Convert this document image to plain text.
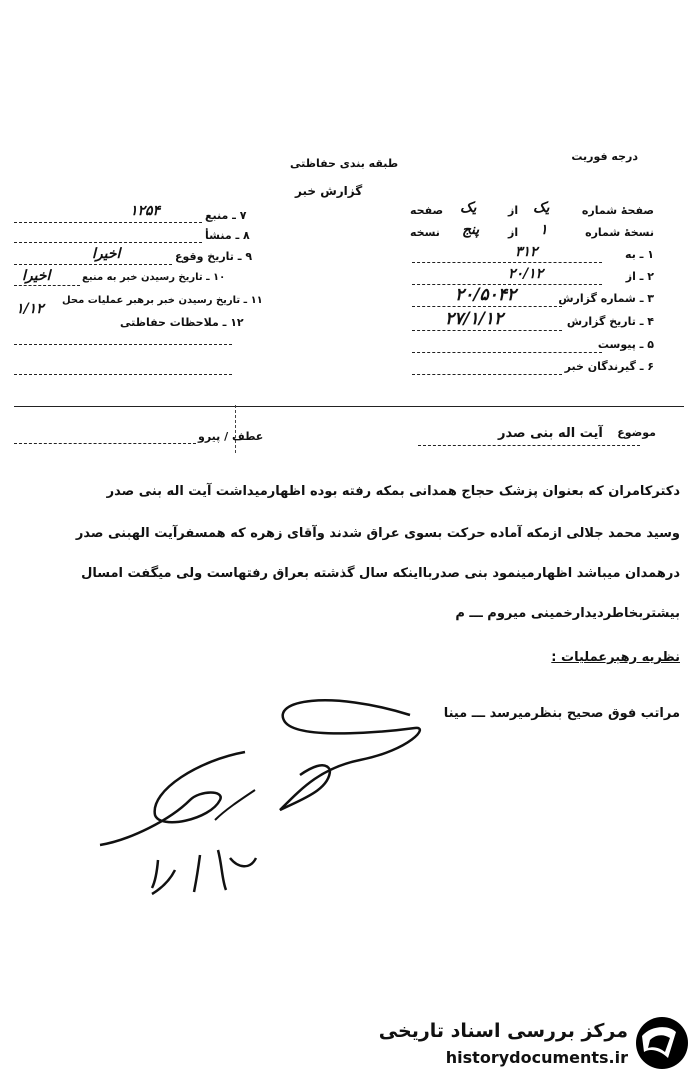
درجه فوریت
طبقه بندی حفاظتی
گزارش خبر
صفحهٔ شماره
یک
از
یک
صفحه
نسخهٔ شماره
۱
از
پنج
نسخه
۱ ـ به
۳۱۲
۲ ـ از
۲۰/۱۲
۳ ـ شماره گزارش
۲۰/۵۰۴۲
۴ ـ تاریخ گزارش
۲۷/۱/۱۲
۵ ـ پیوست
۶ ـ گیرندگان خبر
۷ ـ منبع
۱۲۵۴
۸ ـ منشأ
۹ ـ تاریخ وقوع
اخیرا
۱۰ ـ تاریخ رسیدن خبر به منبع
اخیرا
۱۱ ـ تاریخ رسیدن خبر برهبر عملیات محل
۱/۱۲
۱۲ ـ ملاحظات حفاظتی
موضوع
آیت اله بنی صدر
عطف / پیرو
دکترکامران که بعنوان پزشک حجاج همدانی بمکه رفته بوده اظهارمیداشت آیت اله بنی صدر
وسید محمد جلالی ازمکه آماده حرکت بسوی عراق شدند وآقای زهره که همسفرآیت الهبنی صدر
درهمدان میباشد اظهارمینمود بنی صدربااینکه سال گذشته بعراق رفتهاست ولی میگفت امسال
بیشتربخاطردیدارخمینی میروم ـــ م
نظریه رهبرعملیات :
مراتب فوق صحیح بنظرمیرسد ـــ مینا
مرکز بررسی اسناد تاریخی
historydocuments.ir
